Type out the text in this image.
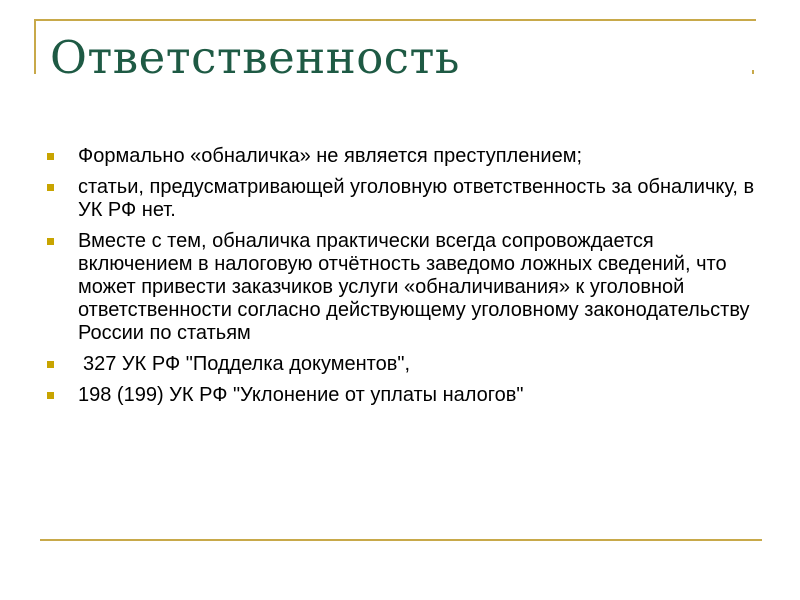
Ответственность
Формально «обналичка» не является преступлением;
статьи, предусматривающей уголовную ответственность за обналичку, в УК РФ нет.
Вместе с тем, обналичка практически всегда сопровождается включением в налоговую отчётность заведомо ложных сведений, что может привести заказчиков услуги «обналичивания» к уголовной ответственности согласно действующему уголовному законодательству России по статьям
327 УК РФ "Подделка документов",
198 (199) УК РФ "Уклонение от уплаты налогов"
